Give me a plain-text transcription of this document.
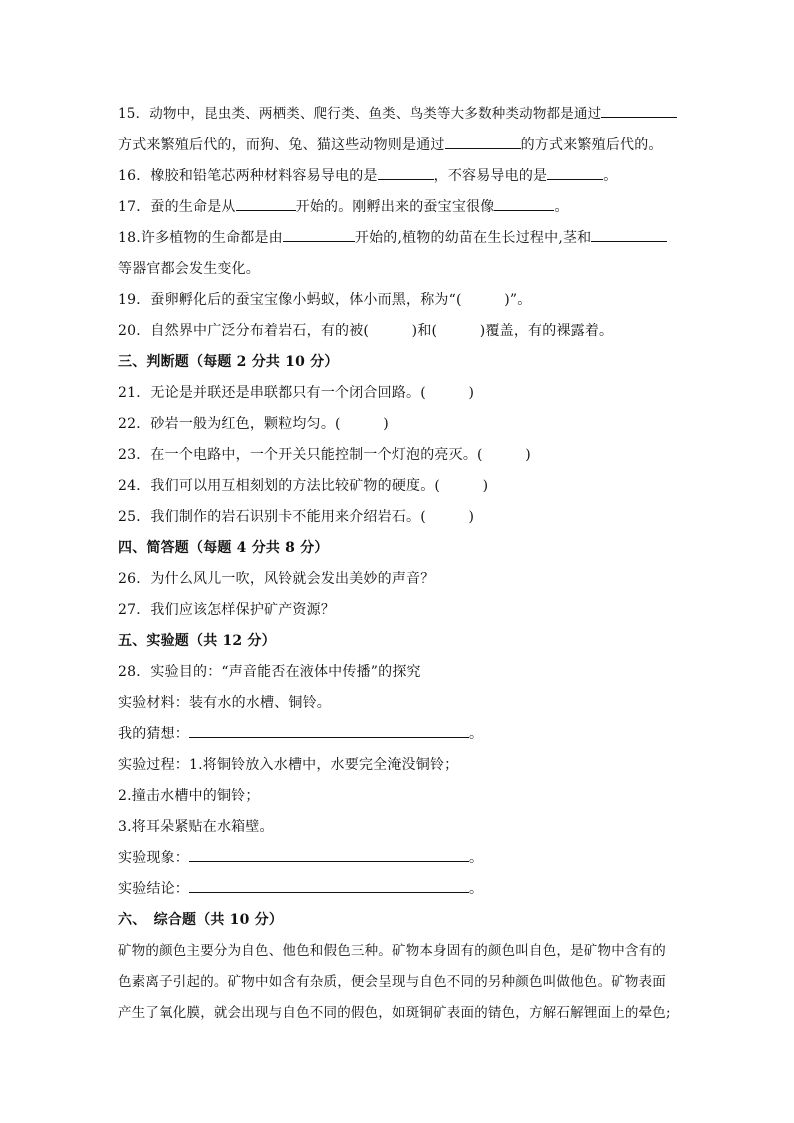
15．动物中，昆虫类、两栖类、爬行类、鱼类、鸟类等大多数种类动物都是通过
方式来繁殖后代的，而狗、兔、猫这些动物则是通过	的方式来繁殖后代的。
16．橡胶和铅笔芯两种材料容易导电的是	，不容易导电的是	。
17．蚕的生命是从	开始的。刚孵出来的蚕宝宝很像	。
18.许多植物的生命都是由	开始的,植物的幼苗在生长过程中,茎和
等器官都会发生变化。
19．蚕卵孵化后的蚕宝宝像小蚂蚁，体小而黑，称为“(　　　)”。
20．自然界中广泛分布着岩石，有的被(　　　)和(　　　)覆盖，有的裸露着。
三、判断题（每题 2 分共 10 分）
21．无论是并联还是串联都只有一个闭合回路。(　　　)
22．砂岩一般为红色，颗粒均匀。(　　　)
23．在一个电路中，一个开关只能控制一个灯泡的亮灭。(　　　)
24．我们可以用互相刻划的方法比较矿物的硬度。(　　　)
25．我们制作的岩石识别卡不能用来介绍岩石。(　　　)
四、简答题（每题 4 分共 8 分）
26．为什么风儿一吹，风铃就会发出美妙的声音？
27．我们应该怎样保护矿产资源？
五、实验题（共 12 分）
28．实验目的：“声音能否在液体中传播”的探究
实验材料：装有水的水槽、铜铃。
我的猜想：	。
实验过程：1.将铜铃放入水槽中，水要完全淹没铜铃；
2.撞击水槽中的铜铃；
3.将耳朵紧贴在水箱壁。
实验现象：	。
实验结论：	。
六、　综合题（共 10 分）
矿物的颜色主要分为自色、他色和假色三种。矿物本身固有的颜色叫自色，是矿物中含有的
色素离子引起的。矿物中如含有杂质，便会呈现与自色不同的另种颜色叫做他色。矿物表面
产生了氧化膜，就会出现与自色不同的假色，如斑铜矿表面的锖色，方解石解锂面上的晕色;
